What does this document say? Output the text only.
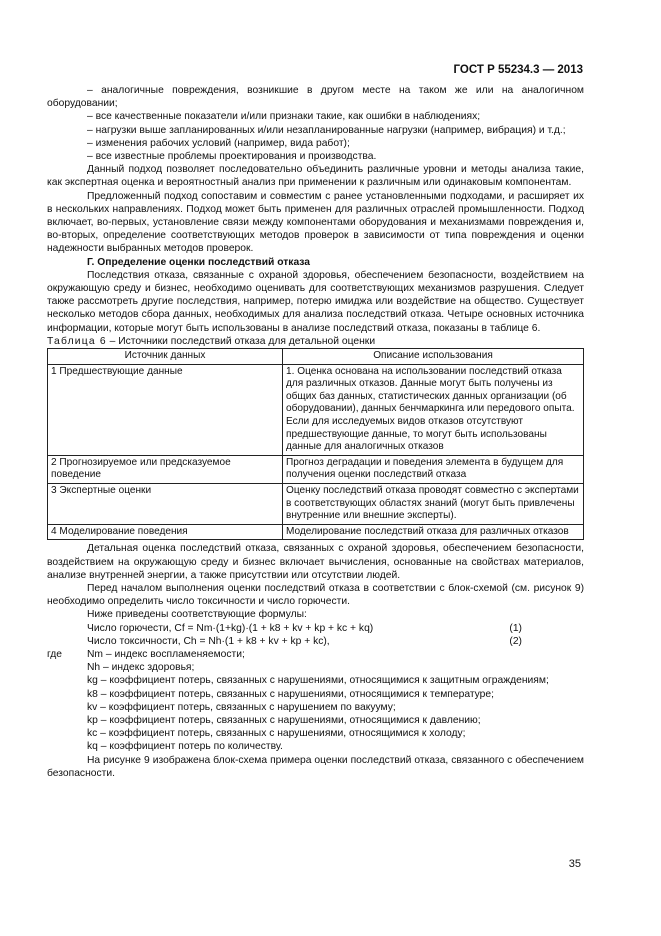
ГОСТ Р 55234.3 — 2013

– аналогичные повреждения, возникшие в другом месте на таком же или на аналогичном оборудовании;

– все качественные показатели и/или признаки такие, как ошибки в наблюдениях;

– нагрузки выше запланированных и/или незапланированные нагрузки (например, вибрация) и т.д.;

– изменения рабочих условий (например, вида работ);

– все известные проблемы проектирования и производства.

Данный подход позволяет последовательно объединить различные уровни и методы анализа такие, как экспертная оценка и вероятностный анализ при применении к различным или одинаковым компонентам.

Предложенный подход сопоставим и совместим с ранее установленными подходами, и расширяет их в нескольких направлениях. Подход может быть применен для различных отраслей промышленности. Подход включает, во-первых, установление связи между компонентами оборудования и механизмами повреждения и, во-вторых, определение соответствующих методов проверок в зависимости от типа повреждения и оценки надежности выбранных методов проверок.

Г. Определение оценки последствий отказа

Последствия отказа, связанные с охраной здоровья, обеспечением безопасности, воздействием на окружающую среду и бизнес, необходимо оценивать для соответствующих механизмов разрушения. Следует также рассмотреть другие последствия, например, потерю имиджа или воздействие на общество. Существует несколько методов сбора данных, необходимых для анализа последствий отказа. Четыре основных источника информации, которые могут быть использованы в анализе последствий отказа, показаны в таблице 6.

Таблица 6 – Источники последствий отказа для детальной оценки

Источник данных	Описание использования
1 Предшествующие данные	1. Оценка основана на использовании последствий отказа для различных отказов. Данные могут быть получены из общих баз данных, статистических данных организации (об оборудовании), данных бенчмаркинга или передового опыта. Если для исследуемых видов отказов отсутствуют предшествующие данные, то могут быть использованы данные для аналогичных отказов
2 Прогнозируемое или предсказуемое поведение	Прогноз деградации и поведения элемента в будущем для получения оценки последствий отказа
3 Экспертные оценки	Оценку последствий отказа проводят совместно с экспертами в соответствующих областях знаний (могут быть привлечены внутренние или внешние эксперты).
4 Моделирование поведения	Моделирование последствий отказа для различных отказов

Детальная оценка последствий отказа, связанных с охраной здоровья, обеспечением безопасности, воздействием на окружающую среду и бизнес включает вычисления, основанные на свойствах материалов, анализе внутренней энергии, а также присутствии или отсутствии людей.

Перед началом выполнения оценки последствий отказа в соответствии с блок-схемой (см. рисунок 9) необходимо определить число токсичности и число горючести.

Ниже приведены соответствующие формулы:

Число горючести, Cf = Nm·(1+kg)·(1 + k8 + kv + kp + kc + kq)	(1)
Число токсичности, Ch = Nh·(1 + k8 + kv + kp + kc),	(2)
где	Nm – индекс воспламеняемости;

Nh – индекс здоровья;

kg – коэффициент потерь, связанных с нарушениями, относящимися к защитным ограждениям;

k8 – коэффициент потерь, связанных с нарушениями, относящимися к температуре;

kv – коэффициент потерь, связанных с нарушением по вакууму;

kp – коэффициент потерь, связанных с нарушениями, относящимися к давлению;

kc – коэффициент потерь, связанных с нарушениями, относящимися к холоду;

kq – коэффициент потерь по количеству.

На рисунке 9 изображена блок-схема примера оценки последствий отказа, связанного с обеспечением безопасности.

35
